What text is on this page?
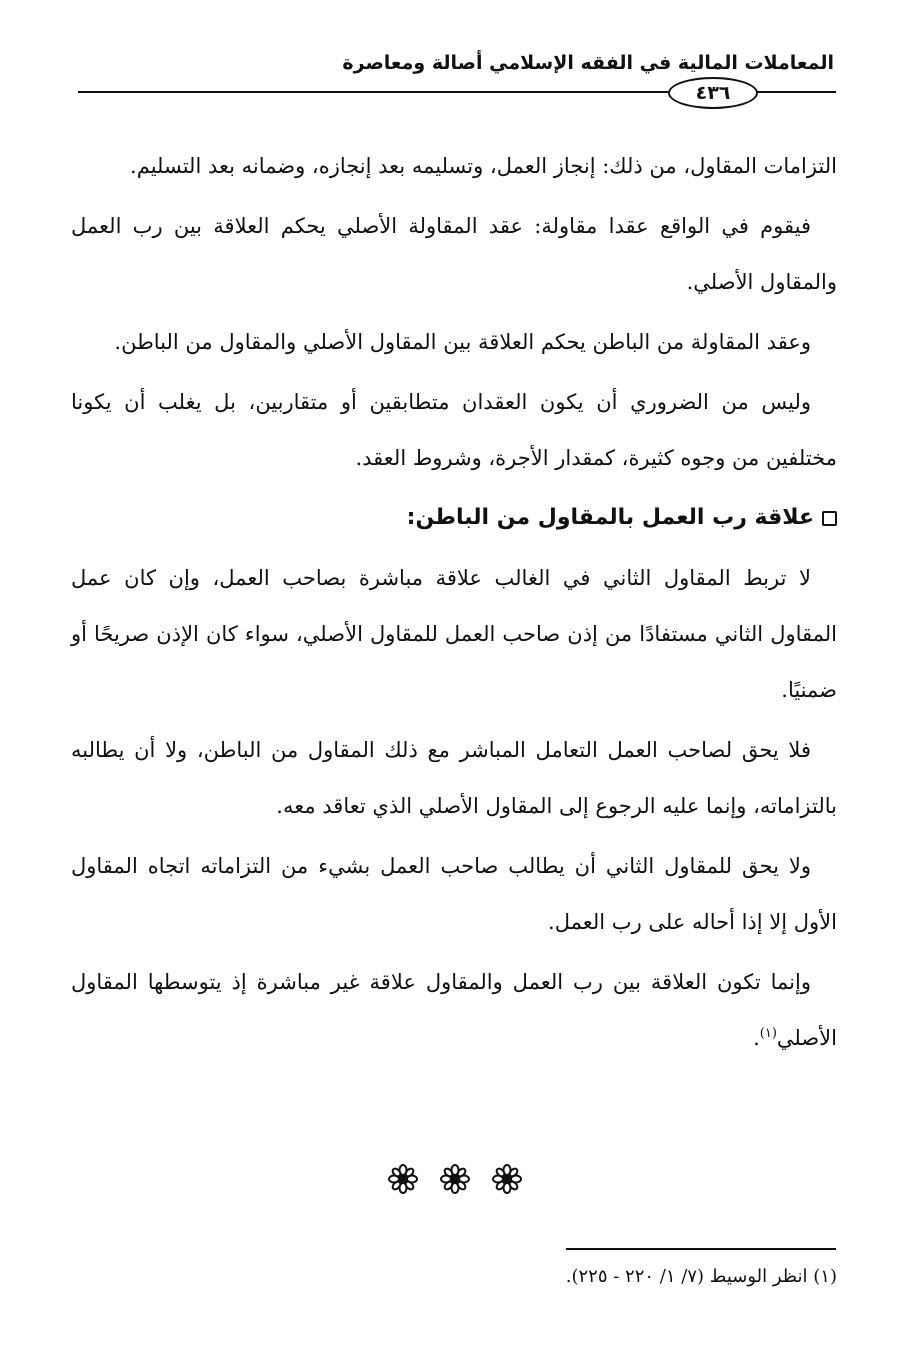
المعاملات المالية في الفقه الإسلامي أصالة ومعاصرة
٤٣٦

التزامات المقاول، من ذلك: إنجاز العمل، وتسليمه بعد إنجازه، وضمانه بعد التسليم.

فيقوم في الواقع عقدا مقاولة: عقد المقاولة الأصلي يحكم العلاقة بين رب العمل والمقاول الأصلي.

وعقد المقاولة من الباطن يحكم العلاقة بين المقاول الأصلي والمقاول من الباطن.

وليس من الضروري أن يكون العقدان متطابقين أو متقاربين، بل يغلب أن يكونا مختلفين من وجوه كثيرة، كمقدار الأجرة، وشروط العقد.

علاقة رب العمل بالمقاول من الباطن:

لا تربط المقاول الثاني في الغالب علاقة مباشرة بصاحب العمل، وإن كان عمل المقاول الثاني مستفادًا من إذن صاحب العمل للمقاول الأصلي، سواء كان الإذن صريحًا أو ضمنيًا.

فلا يحق لصاحب العمل التعامل المباشر مع ذلك المقاول من الباطن، ولا أن يطالبه بالتزاماته، وإنما عليه الرجوع إلى المقاول الأصلي الذي تعاقد معه.

ولا يحق للمقاول الثاني أن يطالب صاحب العمل بشيء من التزاماته اتجاه المقاول الأول إلا إذا أحاله على رب العمل.

وإنما تكون العلاقة بين رب العمل والمقاول علاقة غير مباشرة إذ يتوسطها المقاول الأصلي$^{(١)}$.

(١) انظر الوسيط (٧/ ١/ ٢٢٠ - ٢٢٥).
